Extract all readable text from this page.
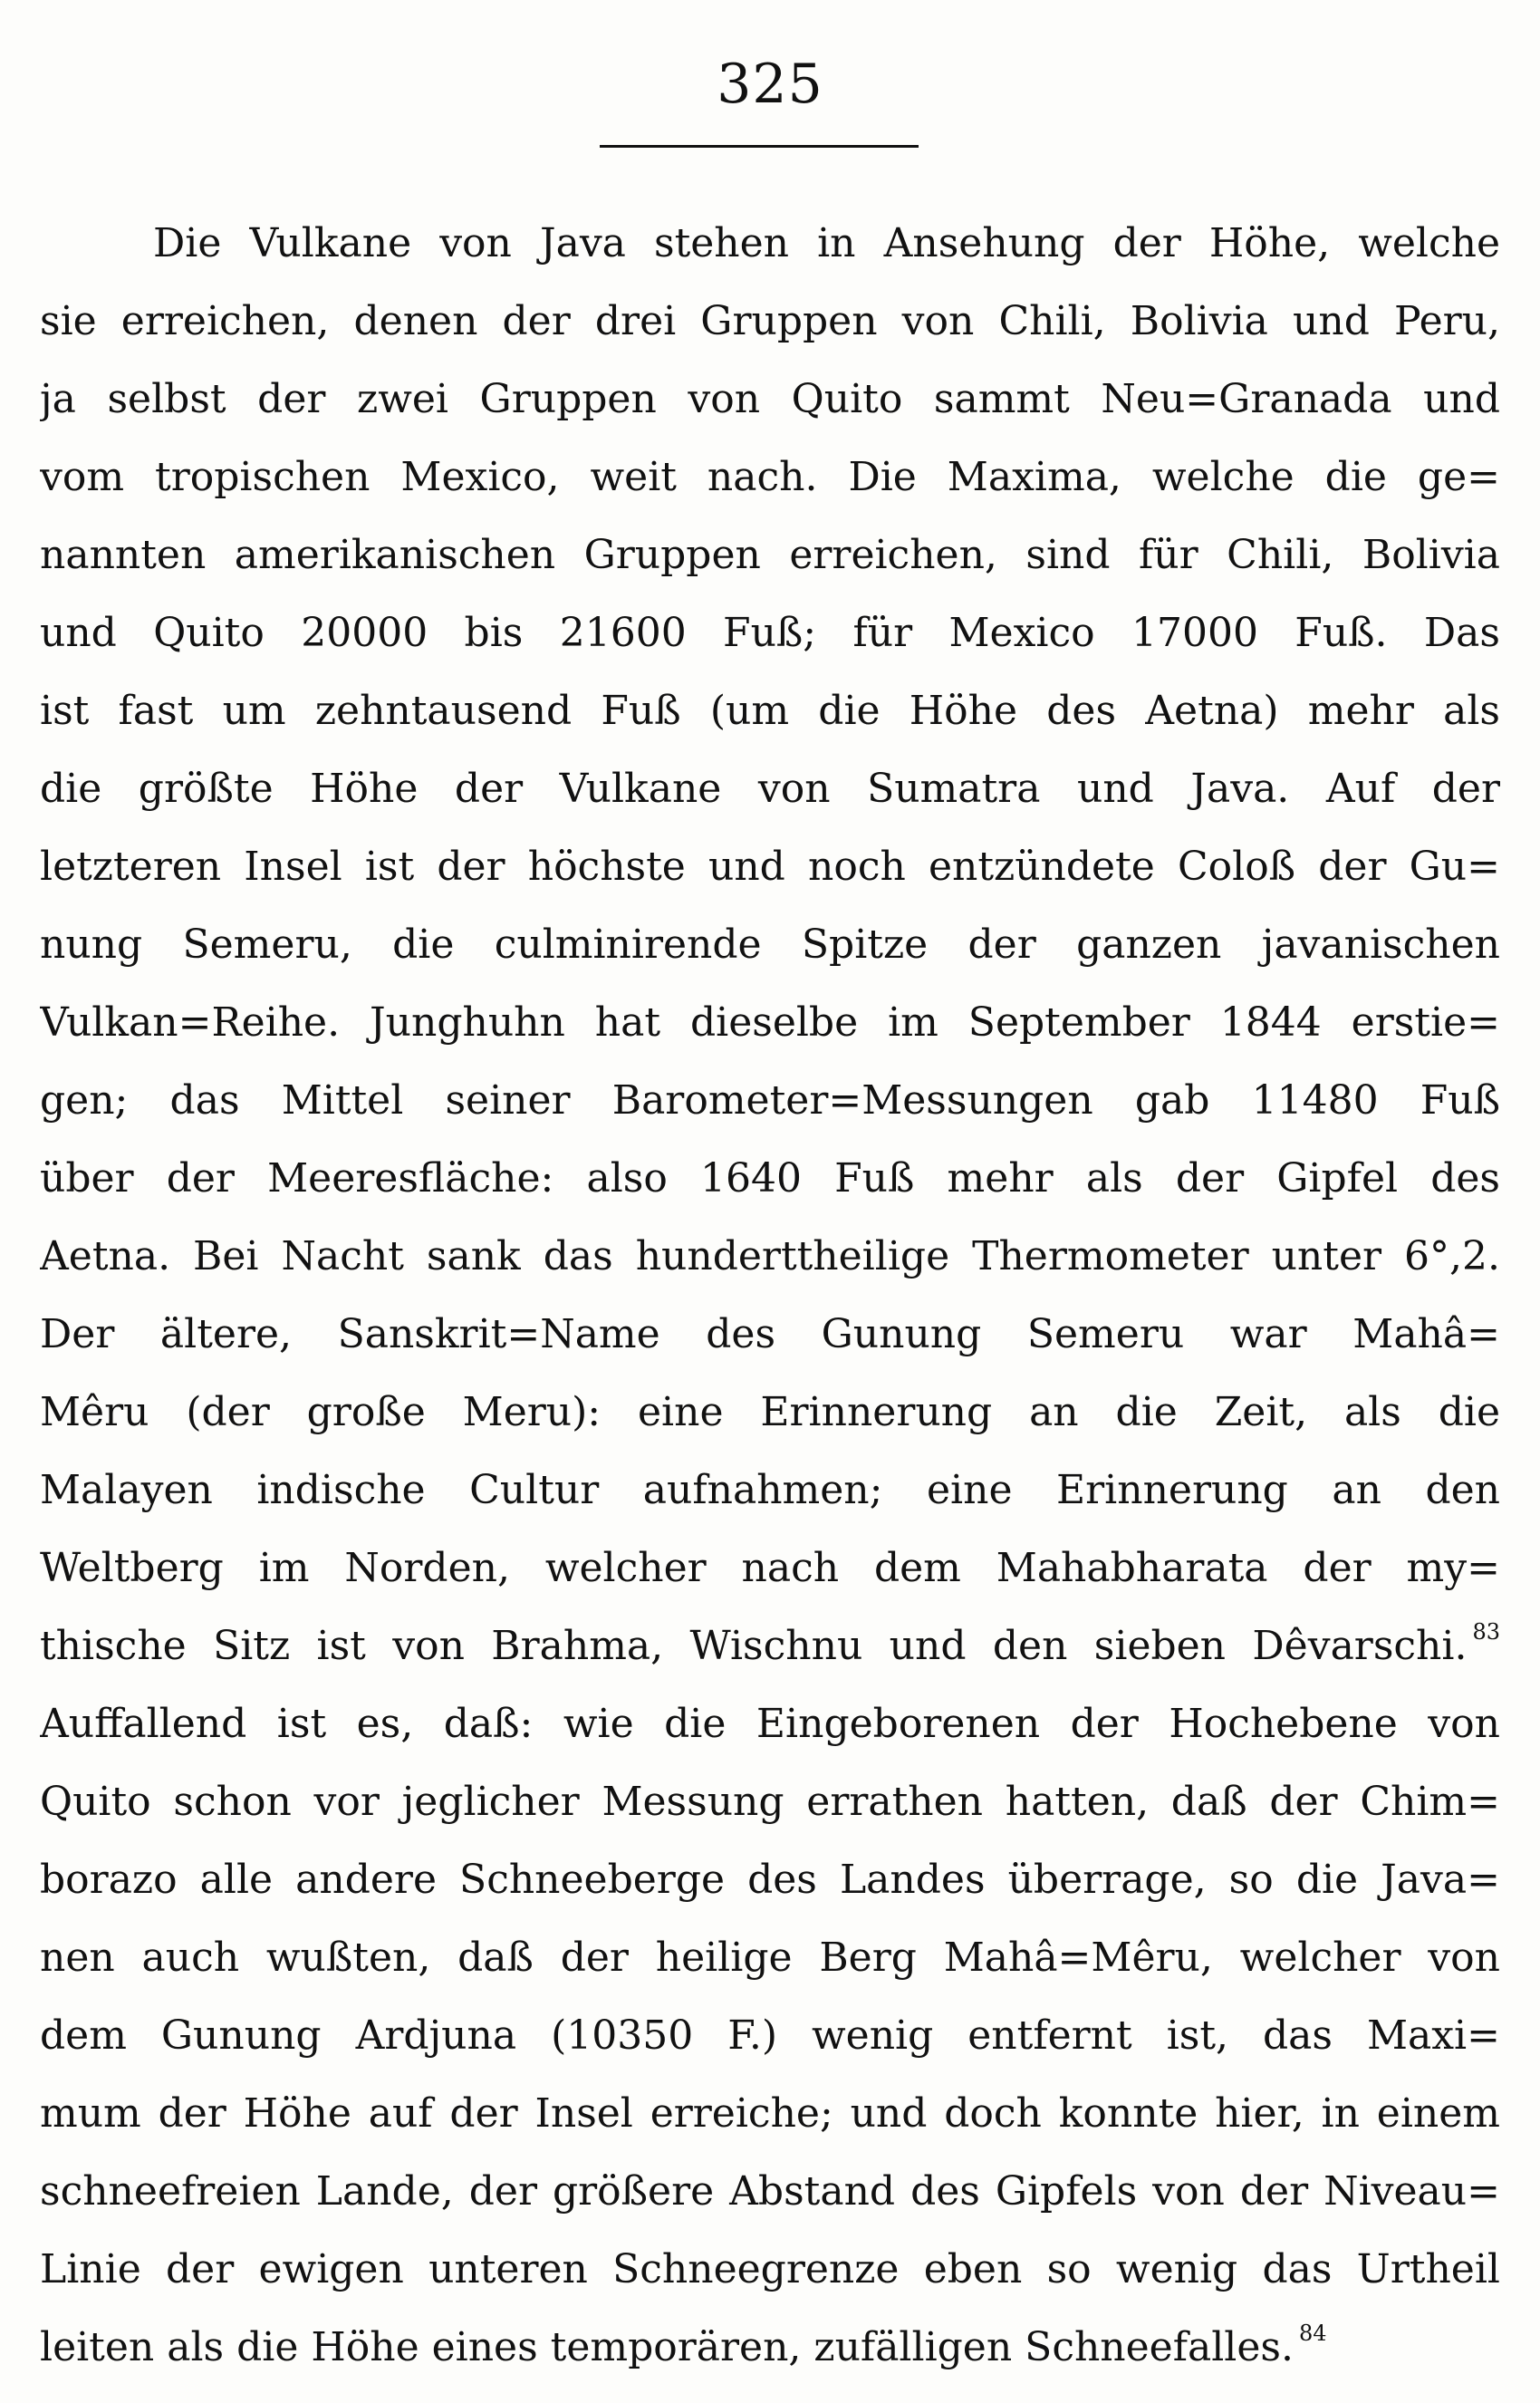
325
Die Vulkane von Java stehen in Ansehung der Höhe, welche
sie erreichen, denen der drei Gruppen von Chili, Bolivia und Peru,
ja selbst der zwei Gruppen von Quito sammt Neu=Granada und
vom tropischen Mexico, weit nach. Die Maxima, welche die ge=
nannten amerikanischen Gruppen erreichen, sind für Chili, Bolivia
und Quito 20000 bis 21600 Fuß; für Mexico 17000 Fuß. Das
ist fast um zehntausend Fuß (um die Höhe des Aetna) mehr als
die größte Höhe der Vulkane von Sumatra und Java. Auf der
letzteren Insel ist der höchste und noch entzündete Coloß der Gu=
nung Semeru, die culminirende Spitze der ganzen javanischen
Vulkan=Reihe. Junghuhn hat dieselbe im September 1844 erstie=
gen; das Mittel seiner Barometer=Messungen gab 11480 Fuß
über der Meeresfläche: also 1640 Fuß mehr als der Gipfel des
Aetna. Bei Nacht sank das hunderttheilige Thermometer unter 6°,2.
Der ältere, Sanskrit=Name des Gunung Semeru war Mahâ=
Mêru (der große Meru): eine Erinnerung an die Zeit, als die
Malayen indische Cultur aufnahmen; eine Erinnerung an den
Weltberg im Norden, welcher nach dem Mahabharata der my=
thische Sitz ist von Brahma, Wischnu und den sieben Dêvarschi. $^{83}$
Auffallend ist es, daß: wie die Eingeborenen der Hochebene von
Quito schon vor jeglicher Messung errathen hatten, daß der Chim=
borazo alle andere Schneeberge des Landes überrage, so die Java=
nen auch wußten, daß der heilige Berg Mahâ=Mêru, welcher von
dem Gunung Ardjuna (10350 F.) wenig entfernt ist, das Maxi=
mum der Höhe auf der Insel erreiche; und doch konnte hier, in einem
schneefreien Lande, der größere Abstand des Gipfels von der Niveau=
Linie der ewigen unteren Schneegrenze eben so wenig das Urtheil
leiten als die Höhe eines temporären, zufälligen Schneefalles. $^{84}$
